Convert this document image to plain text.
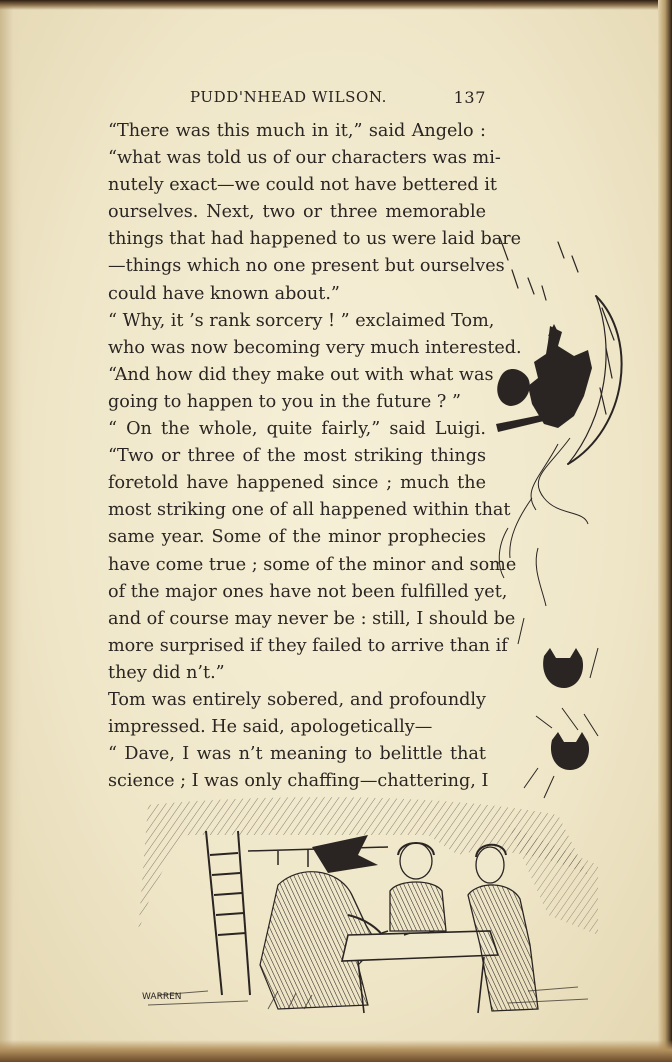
PUDD'NHEAD WILSON.	137
“There was this much in it,” said Angelo :
“what was told us of our characters was mi-
nutely exact—we could not have bettered it
ourselves. Next, two or three memorable
things that had happened to us were laid bare
—things which no one present but ourselves
could have known about.”
“ Why, it ’s rank sorcery ! ” exclaimed Tom,
who was now becoming very much interested.
“And how did they make out with what was
going to happen to you in the future ? ”
“ On the whole, quite fairly,” said Luigi.
“Two or three of the most striking things
foretold have happened since ; much the
most striking one of all happened within that
same year. Some of the minor prophecies
have come true ; some of the minor and some
of the major ones have not been fulfilled yet,
and of course may never be : still, I should be
more surprised if they failed to arrive than if
they did n’t.”
Tom was entirely sobered, and profoundly
impressed. He said, apologetically—
“ Dave, I was n’t meaning to belittle that
science ; I was only chaffing—chattering, I
WARREN
